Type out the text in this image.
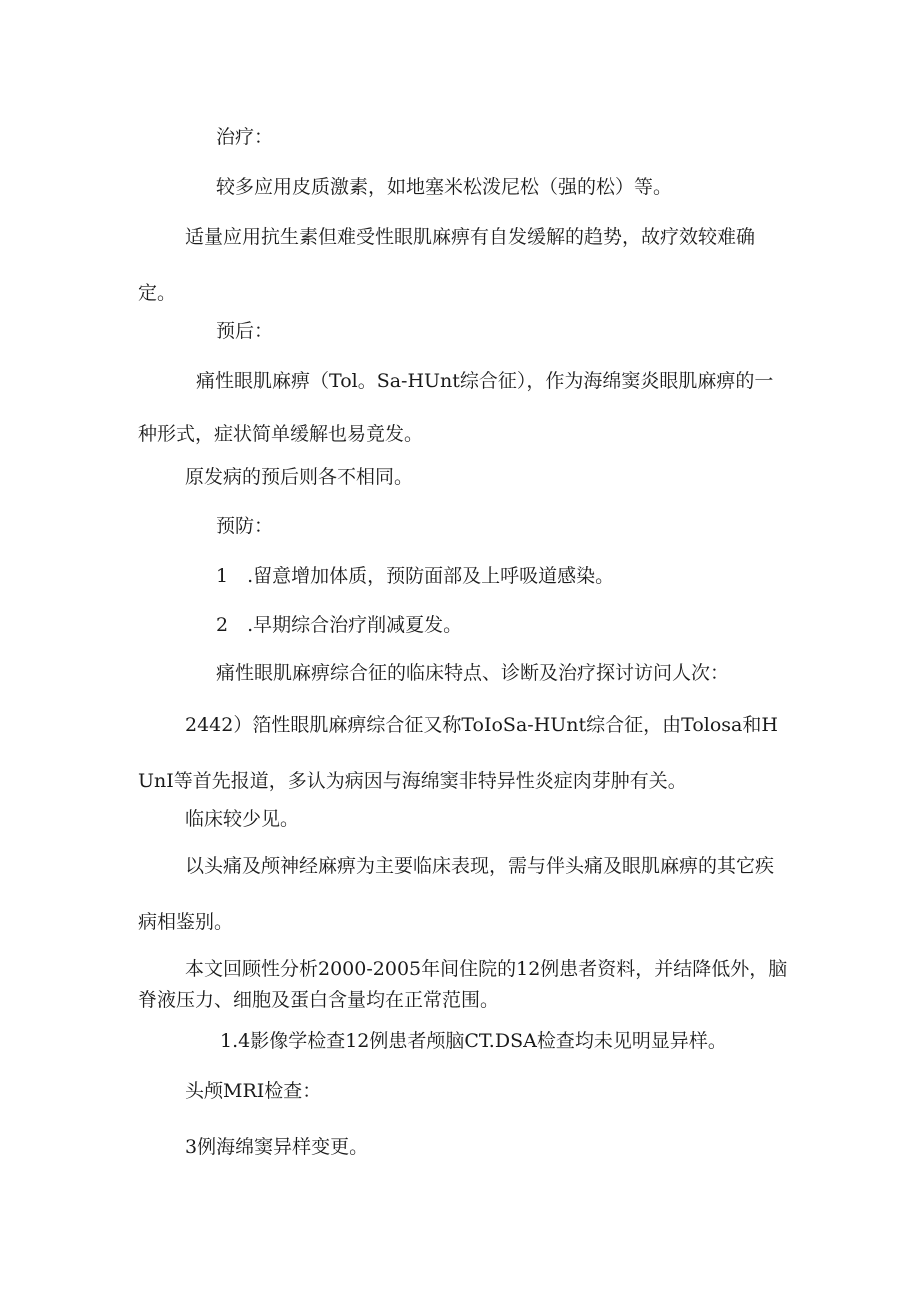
治疗：

较多应用皮质激素，如地塞米松泼尼松（强的松）等。

适量应用抗生素但难受性眼肌麻痹有自发缓解的趋势，故疗效较难确定。

预后：

痛性眼肌麻痹（Tol。Sa-HUnt综合征），作为海绵窦炎眼肌麻痹的一种形式，症状简单缓解也易竟发。

原发病的预后则各不相同。

预防：

1　.留意增加体质，预防面部及上呼吸道感染。

2　.早期综合治疗削减夏发。

痛性眼肌麻痹综合征的临床特点、诊断及治疗探讨访问人次：

2442）箔性眼肌麻痹综合征又称ToIoSa-HUnt综合征，由Tolosa和HUnI等首先报道，多认为病因与海绵窦非特异性炎症肉芽肿有关。

临床较少见。

以头痛及颅神经麻痹为主要临床表现，需与伴头痛及眼肌麻痹的其它疾病相鉴别。

本文回顾性分析2000-2005年间住院的12例患者资料，并结降低外，脑脊液压力、细胞及蛋白含量均在正常范围。

1.4影像学检查12例患者颅脑CT.DSA检查均未见明显异样。

头颅MRI检查：

3例海绵窦异样变更。
